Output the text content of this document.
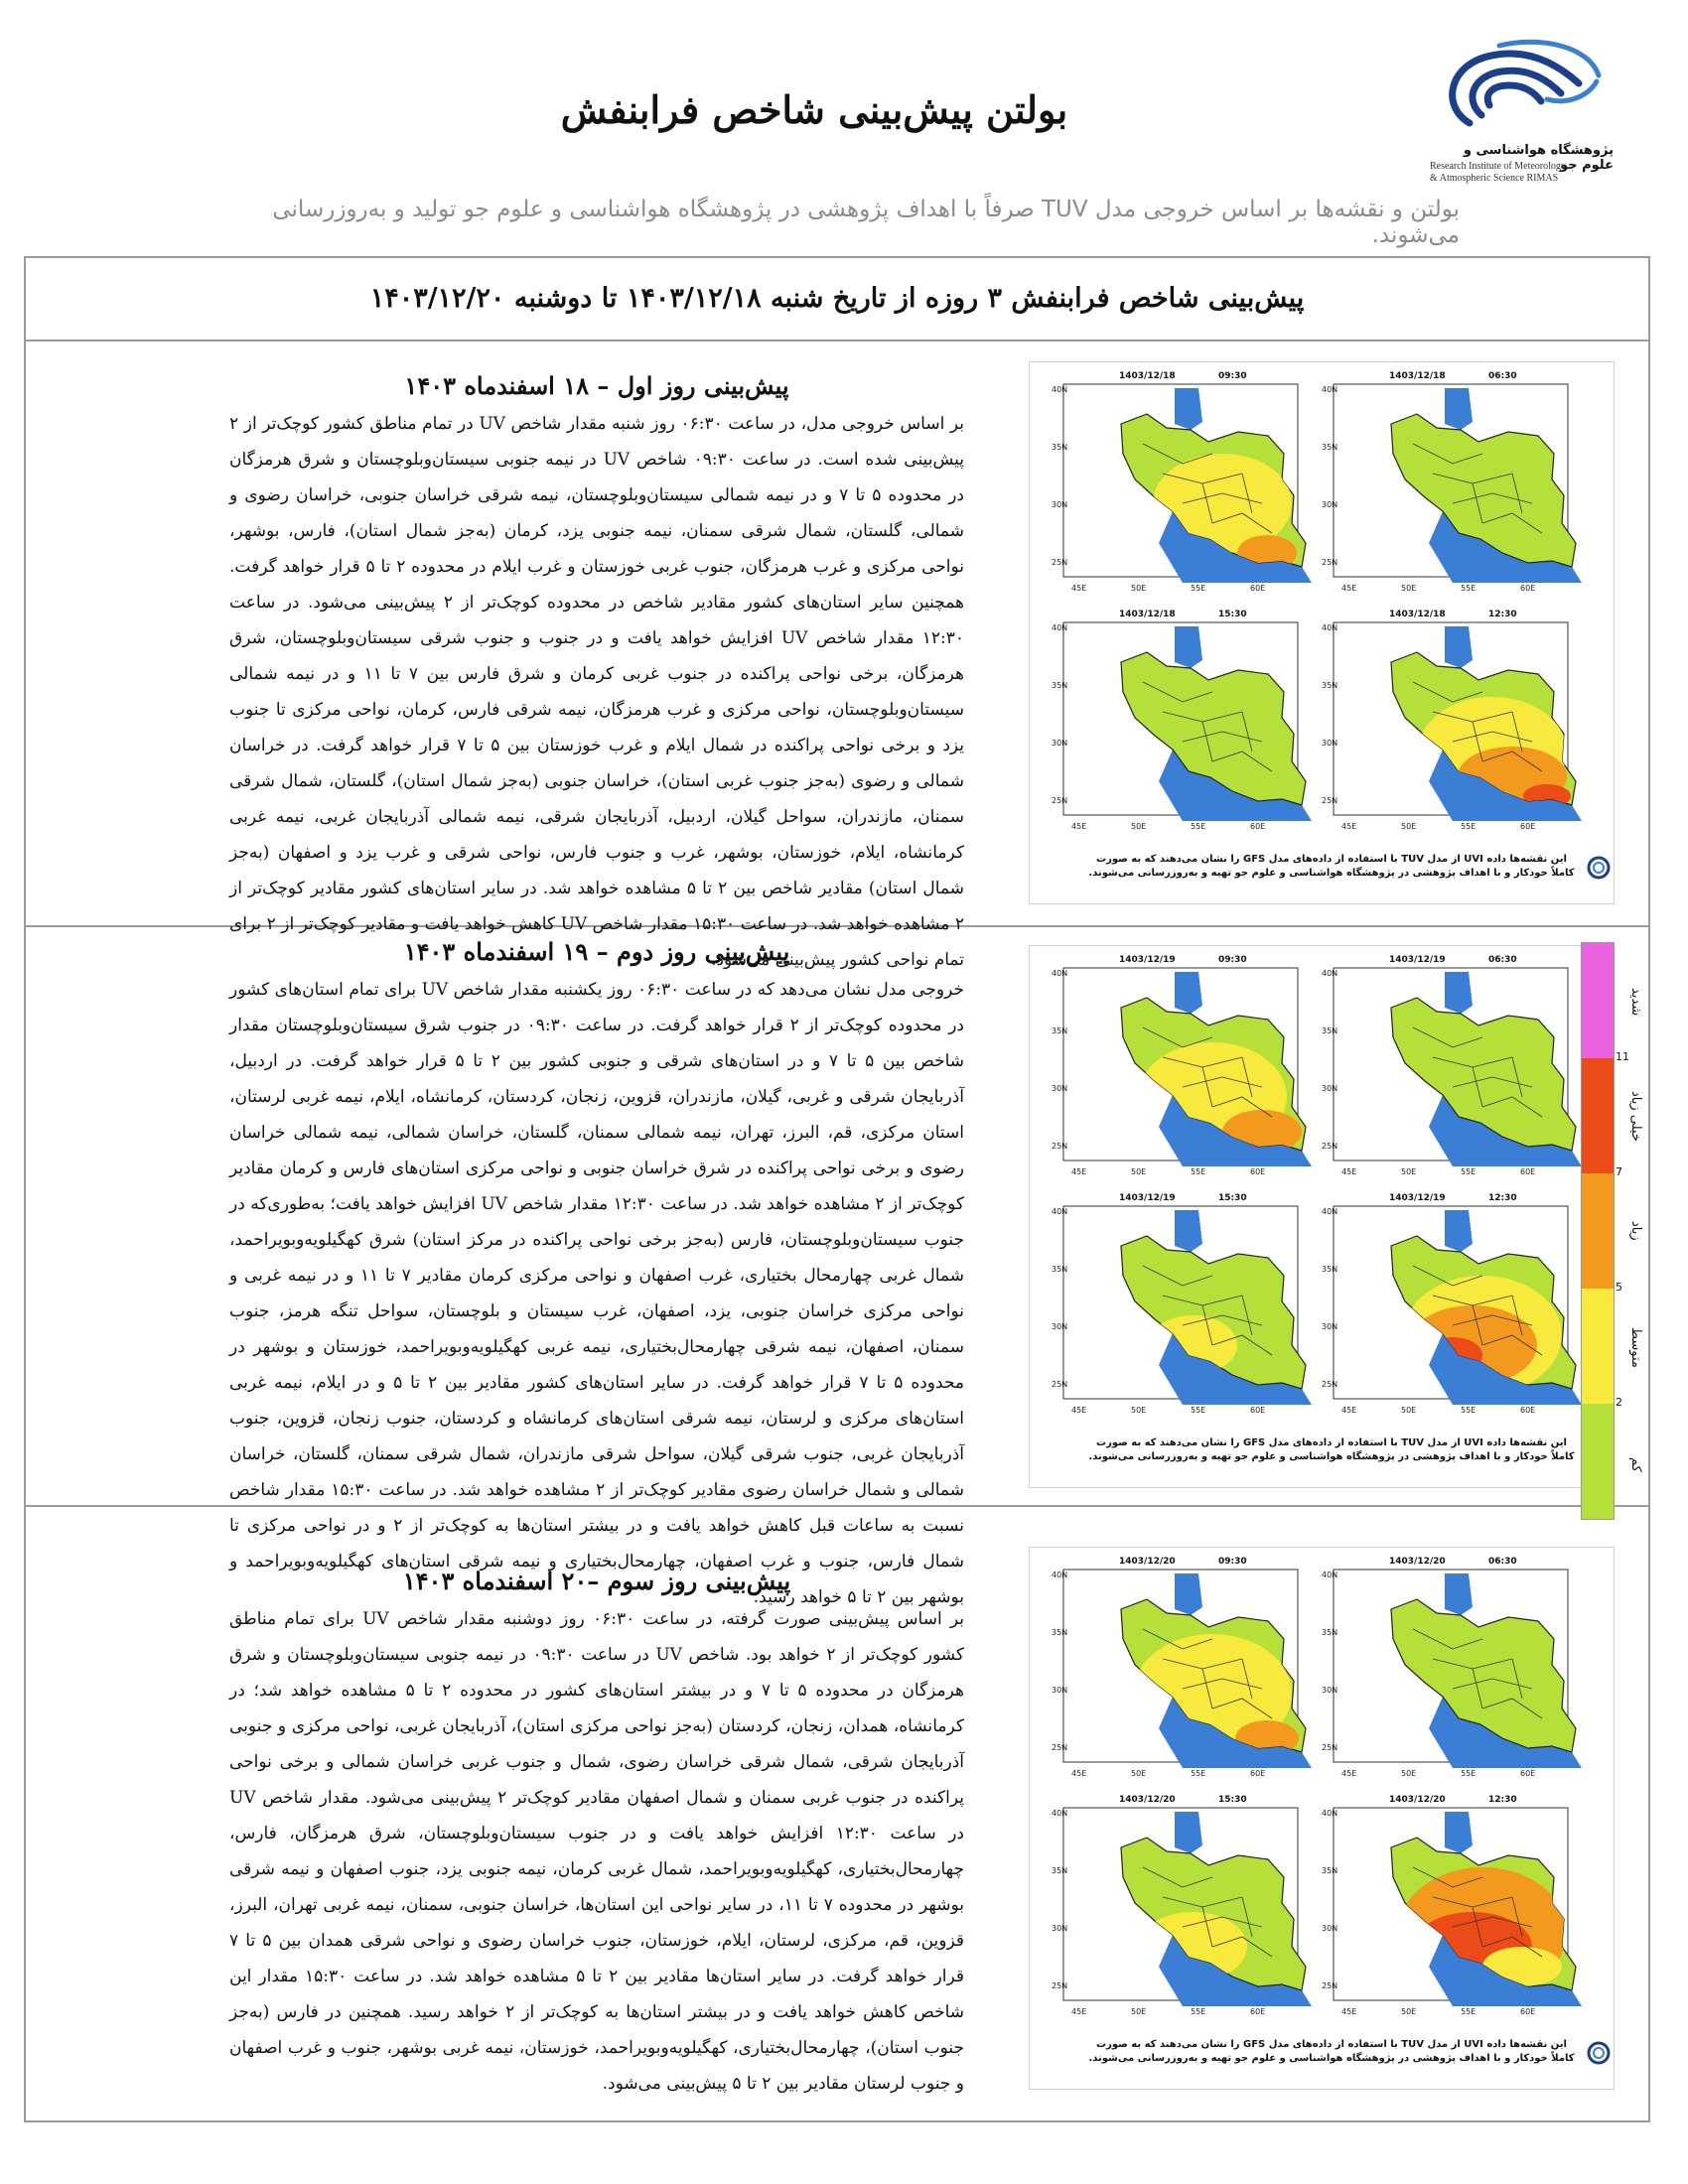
بولتن پیش‌بینی شاخص فرابنفش
پژوهشگاه هواشناسی و علوم جو
Research Institute of Meteorology
& Atmospheric Science RIMAS
بولتن و نقشه‌ها بر اساس خروجی مدل TUV صرفاً با اهداف پژوهشی در پژوهشگاه هواشناسی و علوم جو تولید و به‌روزرسانی می‌شوند.
پیش‌بینی شاخص فرابنفش ۳ روزه از تاریخ شنبه ۱۴۰۳/۱۲/۱۸ تا دوشنبه ۱۴۰۳/۱۲/۲۰
پیش‌بینی روز اول – ۱۸ اسفندماه ۱۴۰۳

بر اساس خروجی مدل، در ساعت ۰۶:۳۰ روز شنبه مقدار شاخص UV در تمام مناطق کشور کوچک‌تر از ۲ پیش‌بینی شده است. در ساعت ۰۹:۳۰ شاخص UV در نیمه جنوبی سیستان‌وبلوچستان و شرق هرمزگان در محدوده ۵ تا ۷ و در نیمه شمالی سیستان‌وبلوچستان، نیمه شرقی خراسان جنوبی، خراسان رضوی و شمالی، گلستان، شمال شرقی سمنان، نیمه جنوبی یزد، کرمان (به‌جز شمال استان)، فارس، بوشهر، نواحی مرکزی و غرب هرمزگان، جنوب غربی خوزستان و غرب ایلام در محدوده ۲ تا ۵ قرار خواهد گرفت. همچنین سایر استان‌های کشور مقادیر شاخص در محدوده کوچک‌تر از ۲ پیش‌بینی می‌شود. در ساعت ۱۲:۳۰ مقدار شاخص UV افزایش خواهد یافت و در جنوب و جنوب شرقی سیستان‌وبلوچستان، شرق هرمزگان، برخی نواحی پراکنده در جنوب غربی کرمان و شرق فارس بین ۷ تا ۱۱ و در نیمه شمالی سیستان‌وبلوچستان، نواحی مرکزی و غرب هرمزگان، نیمه شرقی فارس، کرمان، نواحی مرکزی تا جنوب یزد و برخی نواحی پراکنده در شمال ایلام و غرب خوزستان بین ۵ تا ۷ قرار خواهد گرفت. در خراسان شمالی و رضوی (به‌جز جنوب غربی استان)، خراسان جنوبی (به‌جز شمال استان)، گلستان، شمال شرقی سمنان، مازندران، سواحل گیلان، اردبیل، آذربایجان شرقی، نیمه شمالی آذربایجان غربی، نیمه غربی کرمانشاه، ایلام، خوزستان، بوشهر، غرب و جنوب فارس، نواحی شرقی و غرب یزد و اصفهان (به‌جز شمال استان) مقادیر شاخص بین ۲ تا ۵ مشاهده خواهد شد. در سایر استان‌های کشور مقادیر کوچک‌تر از ۲ مشاهده خواهد شد. در ساعت ۱۵:۳۰ مقدار شاخص UV کاهش خواهد یافت و مقادیر کوچک‌تر از ۲ برای تمام نواحی کشور پیش‌بینی می‌شود.

40N
35N
30N
25N
45E	50E	55E	60E
1403/12/18	06:30
40N
35N
30N
25N
45E	50E	55E	60E
1403/12/18	09:30
40N
35N
30N
25N
45E	50E	55E	60E
1403/12/18	12:30
40N
35N
30N
25N
45E	50E	55E	60E
1403/12/18	15:30
این نقشه‌ها داده UVI از مدل TUV با استفاده از داده‌های مدل GFS را نشان می‌دهند که به صورت
کاملاً خودکار و با اهداف پژوهشی در پژوهشگاه هواشناسی و علوم جو تهیه و به‌روزرسانی می‌شوند.
پیش‌بینی روز دوم – ۱۹ اسفندماه ۱۴۰۳

خروجی مدل نشان می‌دهد که در ساعت ۰۶:۳۰ روز یکشنبه مقدار شاخص UV برای تمام استان‌های کشور در محدوده کوچک‌تر از ۲ قرار خواهد گرفت. در ساعت ۰۹:۳۰ در جنوب شرق سیستان‌وبلوچستان مقدار شاخص بین ۵ تا ۷ و در استان‌های شرقی و جنوبی کشور بین ۲ تا ۵ قرار خواهد گرفت. در اردبیل، آذربایجان شرقی و غربی، گیلان، مازندران، قزوین، زنجان، کردستان، کرمانشاه، ایلام، نیمه غربی لرستان، استان مرکزی، قم، البرز، تهران، نیمه شمالی سمنان، گلستان، خراسان شمالی، نیمه شمالی خراسان رضوی و برخی نواحی پراکنده در شرق خراسان جنوبی و نواحی مرکزی استان‌های فارس و کرمان مقادیر کوچک‌تر از ۲ مشاهده خواهد شد. در ساعت ۱۲:۳۰ مقدار شاخص UV افزایش خواهد یافت؛ به‌طوری‌که در جنوب سیستان‌وبلوچستان، فارس (به‌جز برخی نواحی پراکنده در مرکز استان) شرق کهگیلویه‌وبویراحمد، شمال غربی چهارمحال بختیاری، غرب اصفهان و نواحی مرکزی کرمان مقادیر ۷ تا ۱۱ و در نیمه غربی و نواحی مرکزی خراسان جنوبی، یزد، اصفهان، غرب سیستان و بلوچستان، سواحل تنگه هرمز، جنوب سمنان، اصفهان، نیمه شرقی چهارمحال‌بختیاری، نیمه غربی کهگیلویه‌وبویراحمد، خوزستان و بوشهر در محدوده ۵ تا ۷ قرار خواهد گرفت. در سایر استان‌های کشور مقادیر بین ۲ تا ۵ و در ایلام، نیمه غربی استان‌های مرکزی و لرستان، نیمه شرقی استان‌های کرمانشاه و کردستان، جنوب زنجان، قزوین، جنوب آذربایجان غربی، جنوب شرقی گیلان، سواحل شرقی مازندران، شمال شرقی سمنان، گلستان، خراسان شمالی و شمال خراسان رضوی مقادیر کوچک‌تر از ۲ مشاهده خواهد شد. در ساعت ۱۵:۳۰ مقدار شاخص نسبت به ساعات قبل کاهش خواهد یافت و در بیشتر استان‌ها به کوچک‌تر از ۲ و در نواحی مرکزی تا شمال فارس، جنوب و غرب اصفهان، چهارمحال‌بختیاری و نیمه شرقی استان‌های کهگیلویه‌وبویراحمد و بوشهر بین ۲ تا ۵ خواهد رسید.

40N
35N
30N
25N
45E	50E	55E	60E
1403/12/19	06:30
40N
35N
30N
25N
45E	50E	55E	60E
1403/12/19	09:30
40N
35N
30N
25N
45E	50E	55E	60E
1403/12/19	12:30
40N
35N
30N
25N
45E	50E	55E	60E
1403/12/19	15:30
این نقشه‌ها داده UVI از مدل TUV با استفاده از داده‌های مدل GFS را نشان می‌دهند که به صورت
کاملاً خودکار و با اهداف پژوهشی در پژوهشگاه هواشناسی و علوم جو تهیه و به‌روزرسانی می‌شوند.
پیش‌بینی روز سوم –۲۰ اسفندماه ۱۴۰۳

بر اساس پیش‌بینی صورت گرفته، در ساعت ۰۶:۳۰ روز دوشنبه مقدار شاخص UV برای تمام مناطق کشور کوچک‌تر از ۲ خواهد بود. شاخص UV در ساعت ۰۹:۳۰ در نیمه جنوبی سیستان‌وبلوچستان و شرق هرمزگان در محدوده ۵ تا ۷ و در بیشتر استان‌های کشور در محدوده ۲ تا ۵ مشاهده خواهد شد؛ در کرمانشاه، همدان، زنجان، کردستان (به‌جز نواحی مرکزی استان)، آذربایجان غربی، نواحی مرکزی و جنوبی آذربایجان شرقی، شمال شرقی خراسان رضوی، شمال و جنوب غربی خراسان شمالی و برخی نواحی پراکنده در جنوب غربی سمنان و شمال اصفهان مقادیر کوچک‌تر ۲ پیش‌بینی می‌شود. مقدار شاخص UV در ساعت ۱۲:۳۰ افزایش خواهد یافت و در جنوب سیستان‌وبلوچستان، شرق هرمزگان، فارس، چهارمحال‌بختیاری، کهگیلویه‌وبویراحمد، شمال غربی کرمان، نیمه جنوبی یزد، جنوب اصفهان و نیمه شرقی بوشهر در محدوده ۷ تا ۱۱، در سایر نواحی این استان‌ها، خراسان جنوبی، سمنان، نیمه غربی تهران، البرز، قزوین، قم، مرکزی، لرستان، ایلام، خوزستان، جنوب خراسان رضوی و نواحی شرقی همدان بین ۵ تا ۷ قرار خواهد گرفت. در سایر استان‌ها مقادیر بین ۲ تا ۵ مشاهده خواهد شد. در ساعت ۱۵:۳۰ مقدار این شاخص کاهش خواهد یافت و در بیشتر استان‌ها به کوچک‌تر از ۲ خواهد رسید. همچنین در فارس (به‌جز جنوب استان)، چهارمحال‌بختیاری، کهگیلویه‌وبویراحمد، خوزستان، نیمه غربی بوشهر، جنوب و غرب اصفهان و جنوب لرستان مقادیر بین ۲ تا ۵ پیش‌بینی می‌شود.

40N
35N
30N
25N
45E	50E	55E	60E
1403/12/20	06:30
40N
35N
30N
25N
45E	50E	55E	60E
1403/12/20	09:30
40N
35N
30N
25N
45E	50E	55E	60E
1403/12/20	12:30
40N
35N
30N
25N
45E	50E	55E	60E
1403/12/20	15:30
این نقشه‌ها داده UVI از مدل TUV با استفاده از داده‌های مدل GFS را نشان می‌دهند که به صورت
کاملاً خودکار و با اهداف پژوهشی در پژوهشگاه هواشناسی و علوم جو تهیه و به‌روزرسانی می‌شوند.
شدید
خیلی زیاد
زیاد
متوسط
کم
11
7
5
2
